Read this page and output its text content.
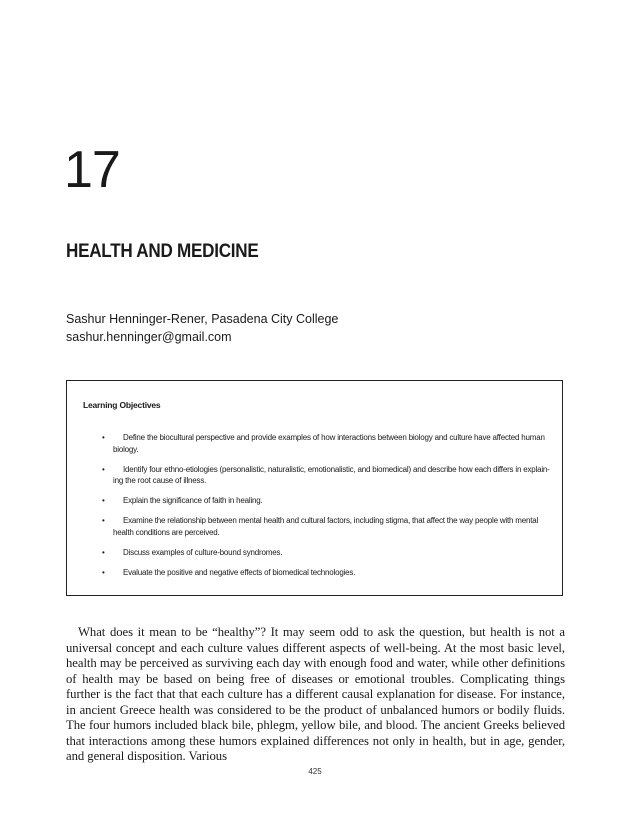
17
HEALTH AND MEDICINE
Sashur Henninger-Rener, Pasadena City College
sashur.henninger@gmail.com
Learning Objectives
•	Define the biocultural perspective and provide examples of how interactions between biology and culture have affected human biology.
•	Identify four ethno-etiologies (personalistic, naturalistic, emotionalistic, and biomedical) and describe how each differs in explain-ing the root cause of illness.
•	Explain the significance of faith in healing.
•	Examine the relationship between mental health and cultural factors, including stigma, that affect the way people with mental health conditions are perceived.
•	Discuss examples of culture-bound syndromes.
•	Evaluate the positive and negative effects of biomedical technologies.

What does it mean to be “healthy”? It may seem odd to ask the question, but health is not a universal concept and each culture values different aspects of well-being. At the most basic level, health may be perceived as surviving each day with enough food and water, while other definitions of health may be based on being free of diseases or emotional troubles. Complicating things further is the fact that that each culture has a different causal explanation for disease. For instance, in ancient Greece health was considered to be the product of unbalanced humors or bodily fluids. The four humors included black bile, phlegm, yellow bile, and blood. The ancient Greeks believed that interactions among these humors explained differences not only in health, but in age, gender, and general disposition. Various

425
